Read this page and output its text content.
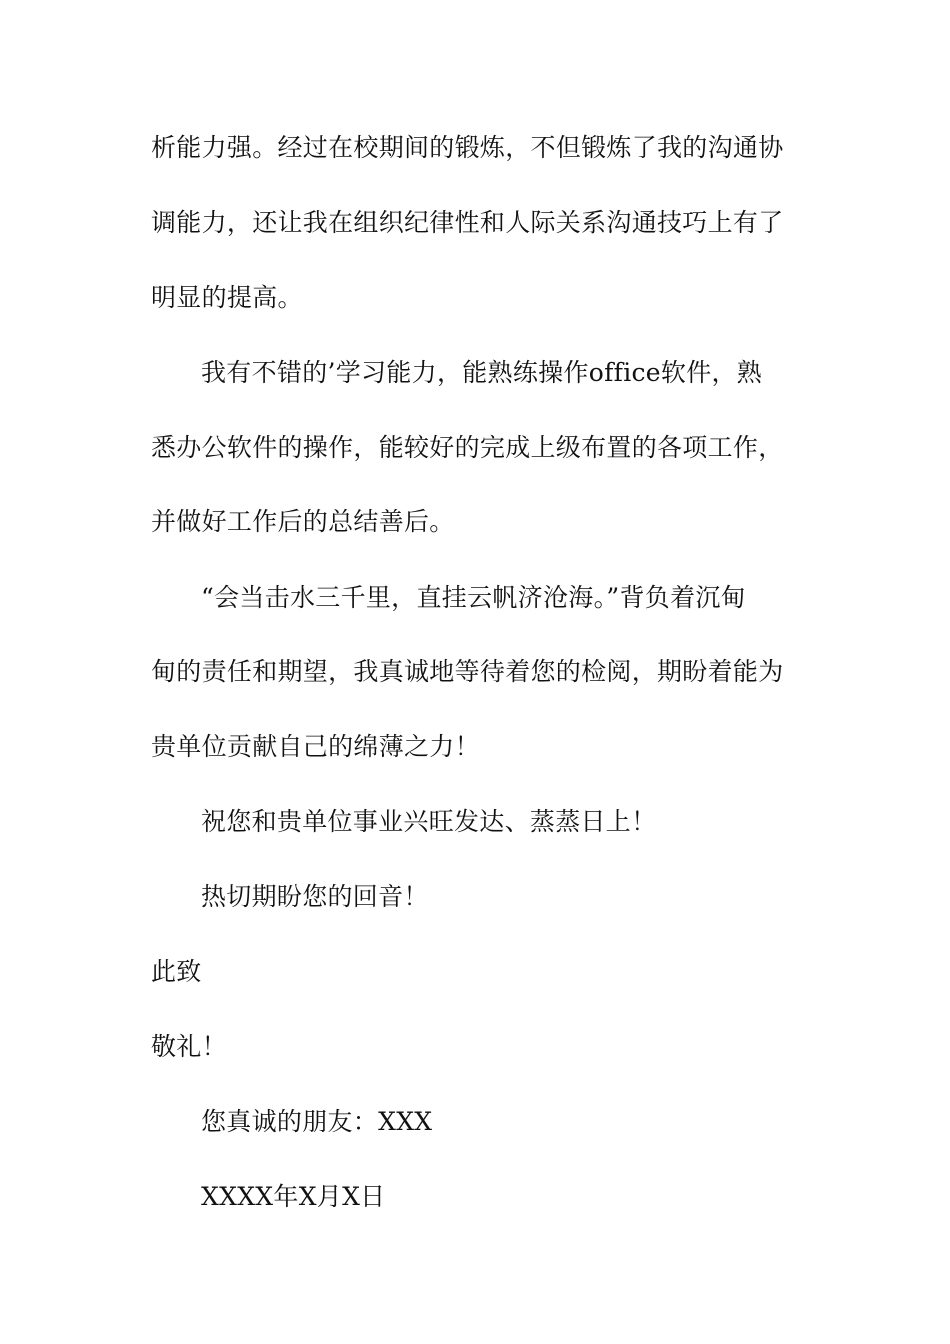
析能力强。经过在校期间的锻炼，不但锻炼了我的沟通协
调能力，还让我在组织纪律性和人际关系沟通技巧上有了
明显的提高。
我有不错的’学习能力，能熟练操作office软件，熟
悉办公软件的操作，能较好的完成上级布置的各项工作，
并做好工作后的总结善后。
“会当击水三千里，直挂云帆济沧海。”背负着沉甸
甸的责任和期望，我真诚地等待着您的检阅，期盼着能为
贵单位贡献自己的绵薄之力！
祝您和贵单位事业兴旺发达、蒸蒸日上！
热切期盼您的回音！
此致
敬礼！
您真诚的朋友：XXX
XXXX年X月X日
